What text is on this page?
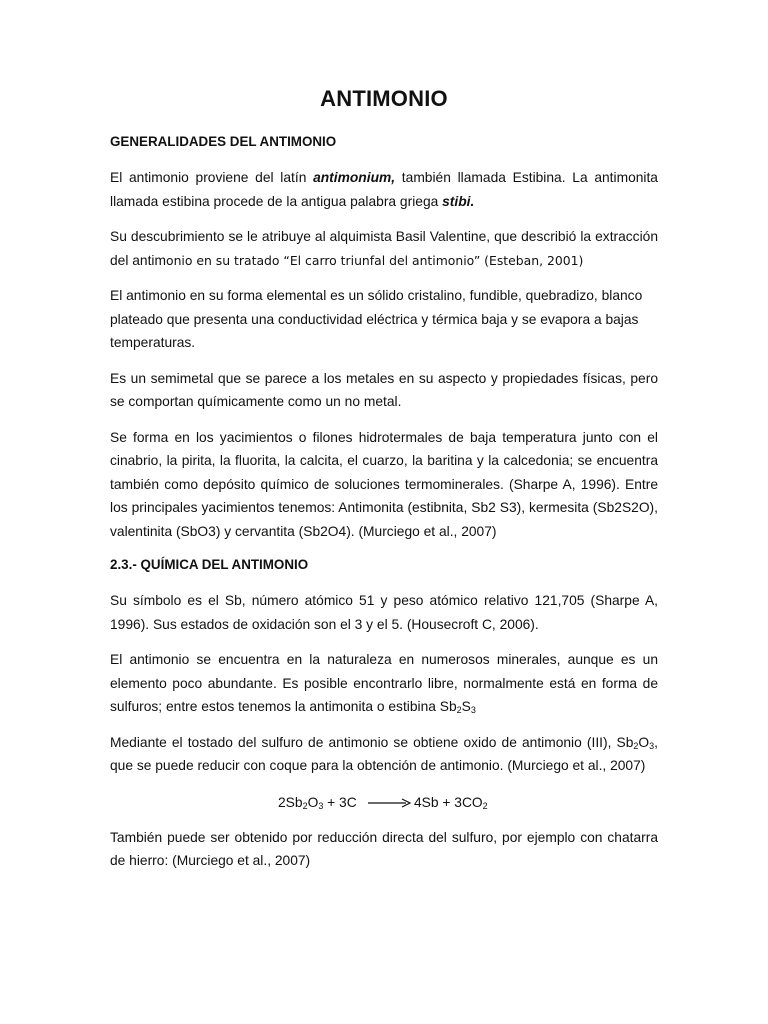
ANTIMONIO
GENERALIDADES DEL ANTIMONIO

El antimonio proviene del latín antimonium, también llamada Estibina. La antimonita llamada estibina procede de la antigua palabra griega stibi.

Su descubrimiento se le atribuye al alquimista Basil Valentine, que describió la extracción del antimonio en su tratado “El carro triunfal del antimonio” (Esteban, 2001)

El antimonio en su forma elemental es un sólido cristalino, fundible, quebradizo, blanco plateado que presenta una conductividad eléctrica y térmica baja y se evapora a bajas temperaturas.

Es un semimetal que se parece a los metales en su aspecto y propiedades físicas, pero se comportan químicamente como un no metal.

Se forma en los yacimientos o filones hidrotermales de baja temperatura junto con el cinabrio, la pirita, la fluorita, la calcita, el cuarzo, la baritina y la calcedonia; se encuentra también como depósito químico de soluciones termominerales. (Sharpe A, 1996). Entre los principales yacimientos tenemos: Antimonita (estibnita, Sb2 S3), kermesita (Sb2S2O), valentinita (SbO3) y cervantita (Sb2O4). (Murciego et al., 2007)

2.3.- QUÍMICA DEL ANTIMONIO

Su símbolo es el Sb, número atómico 51 y peso atómico relativo 121,705 (Sharpe A, 1996). Sus estados de oxidación son el 3 y el 5. (Housecroft C, 2006).

El antimonio se encuentra en la naturaleza en numerosos minerales, aunque es un elemento poco abundante. Es posible encontrarlo libre, normalmente está en forma de sulfuros; entre estos tenemos la antimonita o estibina $Sb_2S_3$

Mediante el tostado del sulfuro de antimonio se obtiene oxido de antimonio (III), $Sb_2O_3$, que se puede reducir con coque para la obtención de antimonio. (Murciego et al., 2007)

$2Sb_2O_3 + 3C \to 4Sb + 3CO_2$

También puede ser obtenido por reducción directa del sulfuro, por ejemplo con chatarra de hierro: (Murciego et al., 2007)
